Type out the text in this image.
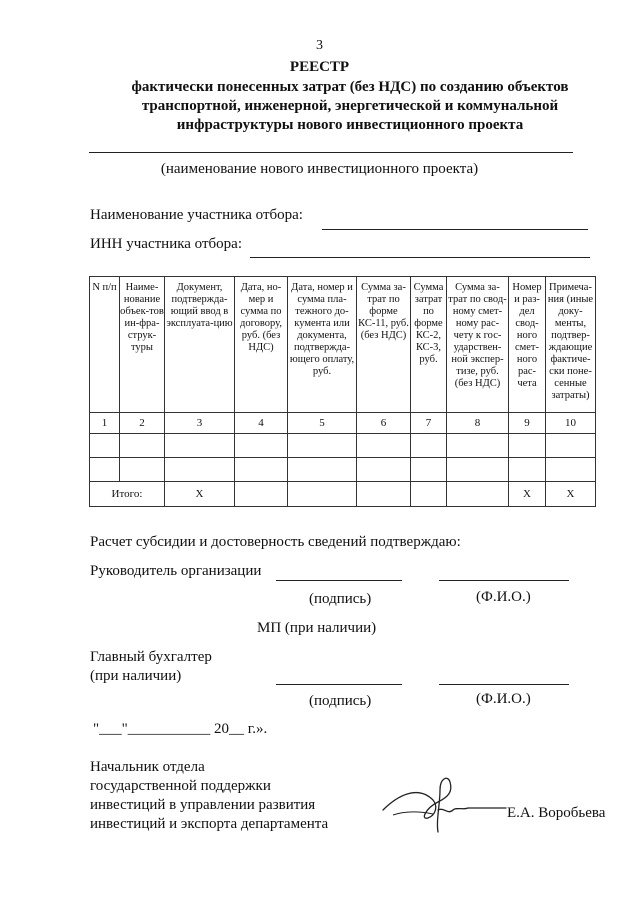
3
РЕЕСТР
фактически понесенных затрат (без НДС) по созданию объектов
транспортной, инженерной, энергетической и коммунальной
инфраструктуры нового инвестиционного проекта
(наименование нового инвестиционного проекта)
Наименование участника отбора:
ИНН участника отбора:
N п/п	Наиме-нование объек-тов ин-фра-струк-туры	Документ, подтвержда-ющий ввод в эксплуата-цию	Дата, но-мер и сумма по договору, руб. (без НДС)	Дата, номер и сумма пла-тежного до-кумента или документа, подтвержда-ющего оплату, руб.	Сумма за-трат по форме КС-11, руб. (без НДС)	Сумма затрат по форме КС-2, КС-3, руб.	Сумма за-трат по свод-ному смет-ному рас-чету к гос-ударствен-ной экспер-тизе, руб. (без НДС)	Номер и раз-дел свод-ного смет-ного рас-чета	Примеча-ния (иные доку-менты, подтвер-ждающие фактиче-ски поне-сенные затраты)
1	2	3	4	5	6	7	8	9	10

Итого:		X						X	X
Расчет субсидии и достоверность сведений подтверждаю:
Руководитель организации
(подпись)	(Ф.И.О.)
МП (при наличии)
Главный бухгалтер
(при наличии)
(подпись)	(Ф.И.О.)
"___"___________ 20__ г.».
Начальник отдела
государственной поддержки
инвестиций в управлении развития
инвестиций и экспорта департамента
Е.А. Воробьева
